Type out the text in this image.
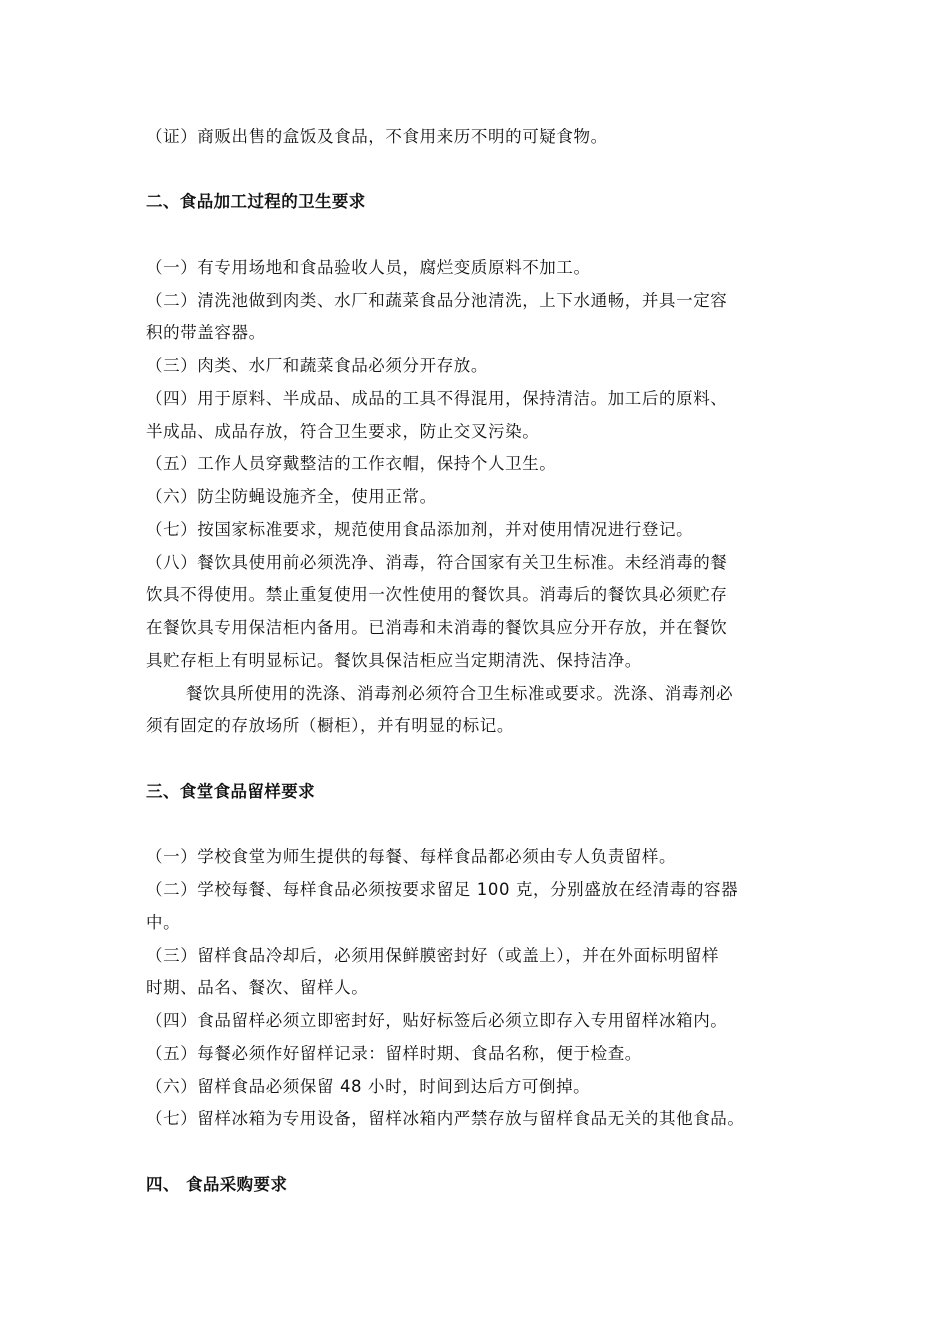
（证）商贩出售的盒饭及食品，不食用来历不明的可疑食物。
二、食品加工过程的卫生要求
（一）有专用场地和食品验收人员，腐烂变质原料不加工。
（二）清洗池做到肉类、水厂和蔬菜食品分池清洗，上下水通畅，并具一定容
积的带盖容器。
（三）肉类、水厂和蔬菜食品必须分开存放。
（四）用于原料、半成品、成品的工具不得混用，保持清洁。加工后的原料、
半成品、成品存放，符合卫生要求，防止交叉污染。
（五）工作人员穿戴整洁的工作衣帽，保持个人卫生。
（六）防尘防蝇设施齐全，使用正常。
（七）按国家标准要求，规范使用食品添加剂，并对使用情况进行登记。
（八）餐饮具使用前必须洗净、消毒，符合国家有关卫生标准。未经消毒的餐
饮具不得使用。禁止重复使用一次性使用的餐饮具。消毒后的餐饮具必须贮存
在餐饮具专用保洁柜内备用。已消毒和未消毒的餐饮具应分开存放，并在餐饮
具贮存柜上有明显标记。餐饮具保洁柜应当定期清洗、保持洁净。
餐饮具所使用的洗涤、消毒剂必须符合卫生标准或要求。洗涤、消毒剂必
须有固定的存放场所（橱柜），并有明显的标记。
三、食堂食品留样要求
（一）学校食堂为师生提供的每餐、每样食品都必须由专人负责留样。
（二）学校每餐、每样食品必须按要求留足 100 克，分别盛放在经清毒的容器
中。
（三）留样食品冷却后，必须用保鲜膜密封好（或盖上），并在外面标明留样
时期、品名、餐次、留样人。
（四）食品留样必须立即密封好，贴好标签后必须立即存入专用留样冰箱内。
（五）每餐必须作好留样记录：留样时期、食品名称，便于检查。
（六）留样食品必须保留 48 小时，时间到达后方可倒掉。
（七）留样冰箱为专用设备，留样冰箱内严禁存放与留样食品无关的其他食品。
四、 食品采购要求
